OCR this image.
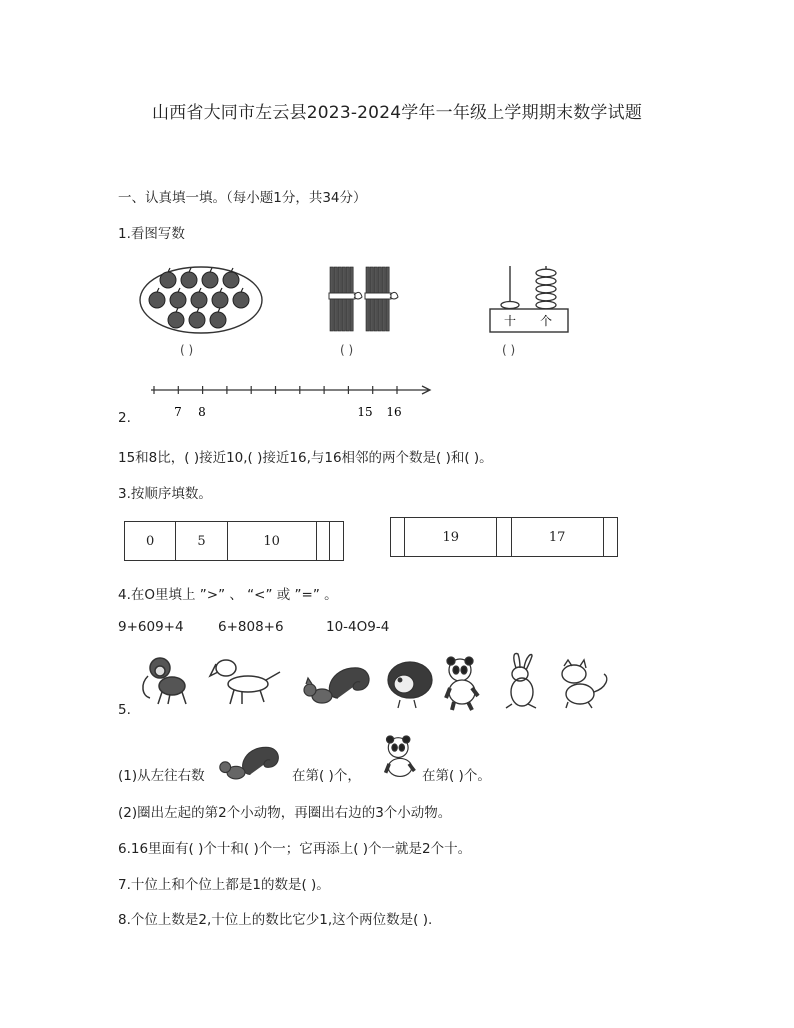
山西省大同市左云县2023-2024学年一年级上学期期末数学试题
一、认真填一填。（每小题1分，共34分）
1.看图写数
( )	( )
十 个
( )
2.	7 8	15 16
15和8比，( )接近10,( )接近16,与16相邻的两个数是( )和( )。
3.按顺序填数。
0	5	10		
		19		17	
4.在O里填上 ”>” 、 “<” 或 ”=” 。
9+609+4	6+808+6	10-4O9-4
5.
(1)从左往右数	在第( )个，	在第( )个。
(2)圈出左起的第2个小动物，再圈出右边的3个小动物。
6.16里面有( )个十和( )个一；它再添上( )个一就是2个十。
7.十位上和个位上都是1的数是( )。
8.个位上数是2,十位上的数比它少1,这个两位数是( ).
